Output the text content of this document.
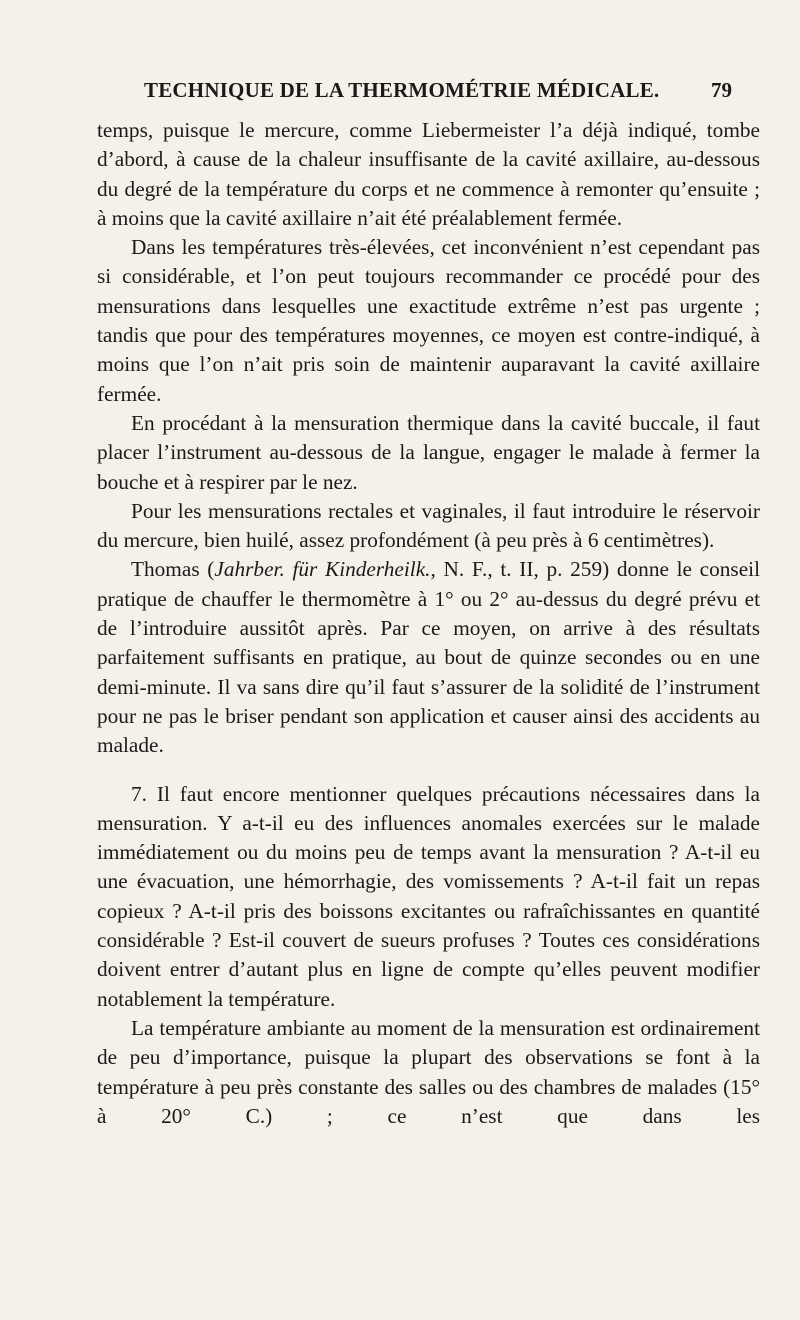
TECHNIQUE DE LA THERMOMÉTRIE MÉDICALE. 79

temps, puisque le mercure, comme Liebermeister l’a déjà indiqué, tombe d’abord, à cause de la chaleur insuffisante de la cavité axillaire, au-dessous du degré de la température du corps et ne commence à remonter qu’ensuite ; à moins que la cavité axillaire n’ait été préalablement fermée.

Dans les températures très-élevées, cet inconvénient n’est cependant pas si considérable, et l’on peut toujours recommander ce procédé pour des mensurations dans lesquelles une exactitude extrême n’est pas urgente ; tandis que pour des températures moyennes, ce moyen est contre-indiqué, à moins que l’on n’ait pris soin de maintenir auparavant la cavité axillaire fermée.

En procédant à la mensuration thermique dans la cavité buccale, il faut placer l’instrument au-dessous de la langue, engager le malade à fermer la bouche et à respirer par le nez.

Pour les mensurations rectales et vaginales, il faut introduire le réservoir du mercure, bien huilé, assez profondément (à peu près à 6 centimètres).

Thomas (Jahrber. für Kinderheilk., N. F., t. II, p. 259) donne le conseil pratique de chauffer le thermomètre à 1° ou 2° au-dessus du degré prévu et de l’introduire aussitôt après. Par ce moyen, on arrive à des résultats parfaitement suffisants en pratique, au bout de quinze secondes ou en une demi-minute. Il va sans dire qu’il faut s’assurer de la solidité de l’instrument pour ne pas le briser pendant son application et causer ainsi des accidents au malade.

7. Il faut encore mentionner quelques précautions nécessaires dans la mensuration. Y a-t-il eu des influences anomales exercées sur le malade immédiatement ou du moins peu de temps avant la mensuration ? A-t-il eu une évacuation, une hémorrhagie, des vomissements ? A-t-il fait un repas copieux ? A-t-il pris des boissons excitantes ou rafraîchissantes en quantité considérable ? Est-il couvert de sueurs profuses ? Toutes ces considérations doivent entrer d’autant plus en ligne de compte qu’elles peuvent modifier notablement la température.

La température ambiante au moment de la mensuration est ordinairement de peu d’importance, puisque la plupart des observations se font à la température à peu près constante des salles ou des chambres de malades (15° à 20° C.) ; ce n’est que dans les
